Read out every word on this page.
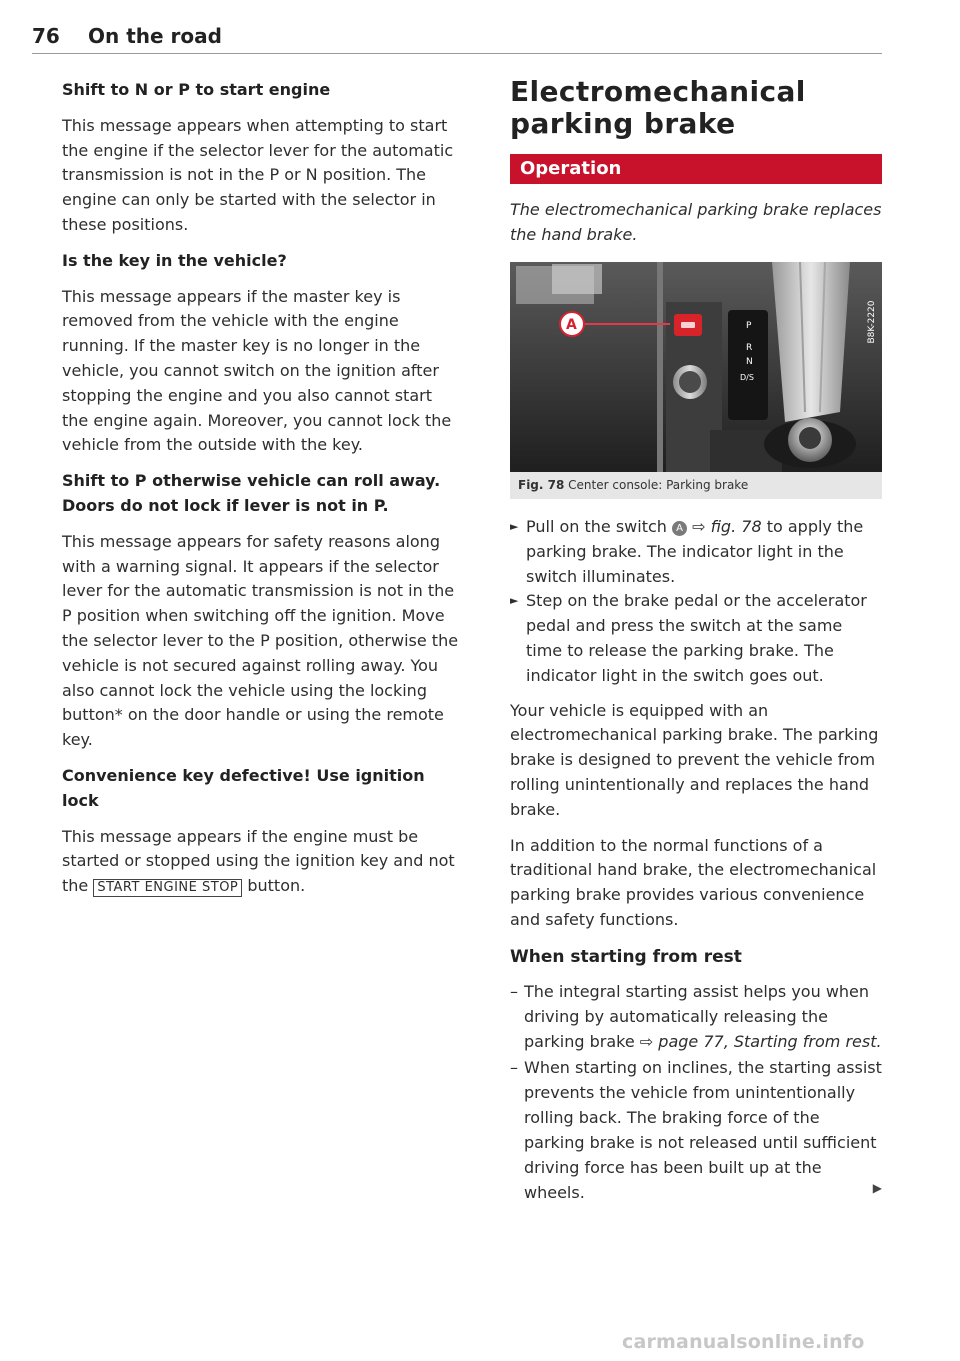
76 On the road
Shift to N or P to start engine
This message appears when attempting to start the engine if the selector lever for the automatic transmission is not in the P or N position. The engine can only be started with the selector in these positions.
Is the key in the vehicle?
This message appears if the master key is removed from the vehicle with the engine running. If the master key is no longer in the vehicle, you cannot switch on the ignition after stopping the engine and you also cannot start the engine again. Moreover, you cannot lock the vehicle from the outside with the key.
Shift to P otherwise vehicle can roll away. Doors do not lock if lever is not in P.
This message appears for safety reasons along with a warning signal. It appears if the selector lever for the automatic transmission is not in the P position when switching off the ignition. Move the selector lever to the P position, otherwise the vehicle is not secured against rolling away. You also cannot lock the vehicle using the locking button* on the door handle or using the remote key.
Convenience key defective! Use ignition lock
This message appears if the engine must be started or stopped using the ignition key and not the START ENGINE STOP button.
Electromechanical
parking brake
Operation
The electromechanical parking brake replaces the hand brake.
P
R
N
D/S
A	B8K-2220
Fig. 78 Center console: Parking brake
► Pull on the switch A ⇨ fig. 78 to apply the parking brake. The indicator light in the switch illuminates.
► Step on the brake pedal or the accelerator pedal and press the switch at the same time to release the parking brake. The indicator light in the switch goes out.
Your vehicle is equipped with an electromechanical parking brake. The parking brake is designed to prevent the vehicle from rolling unintentionally and replaces the hand brake.
In addition to the normal functions of a traditional hand brake, the electromechanical parking brake provides various convenience and safety functions.
When starting from rest
– The integral starting assist helps you when driving by automatically releasing the parking brake ⇨ page 77, Starting from rest.
– When starting on inclines, the starting assist prevents the vehicle from unintentionally rolling back. The braking force of the parking brake is not released until sufficient driving force has been built up at the wheels.	▶
carmanualsonline.info
